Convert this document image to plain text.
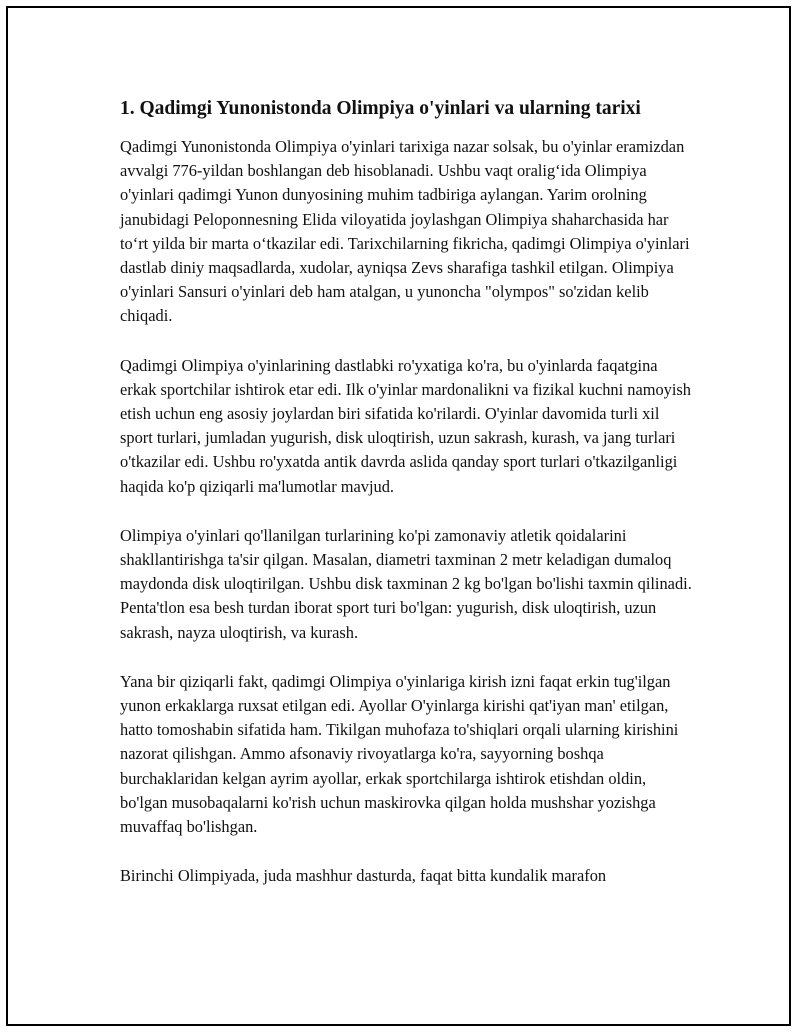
1. Qadimgi Yunonistonda Olimpiya o'yinlari va ularning tarixi

Qadimgi Yunonistonda Olimpiya o'yinlari tarixiga nazar solsak, bu o'yinlar eramizdan avvalgi 776-yildan boshlangan deb hisoblanadi. Ushbu vaqt oralig‘ida Olimpiya o'yinlari qadimgi Yunon dunyosining muhim tadbiriga aylangan. Yarim orolning janubidagi Peloponnesning Elida viloyatida joylashgan Olimpiya shaharchasida har to‘rt yilda bir marta o‘tkazilar edi. Tarixchilarning fikricha, qadimgi Olimpiya o'yinlari dastlab diniy maqsadlarda, xudolar, ayniqsa Zevs sharafiga tashkil etilgan. Olimpiya o'yinlari Sansuri o'yinlari deb ham atalgan, u yunoncha "olympos" so'zidan kelib chiqadi.

Qadimgi Olimpiya o'yinlarining dastlabki ro'yxatiga ko'ra, bu o'yinlarda faqatgina erkak sportchilar ishtirok etar edi. Ilk o'yinlar mardonalikni va fizikal kuchni namoyish etish uchun eng asosiy joylardan biri sifatida ko'rilardi. O'yinlar davomida turli xil sport turlari, jumladan yugurish, disk uloqtirish, uzun sakrash, kurash, va jang turlari o'tkazilar edi. Ushbu ro'yxatda antik davrda aslida qanday sport turlari o'tkazilganligi haqida ko'p qiziqarli ma'lumotlar mavjud.

Olimpiya o'yinlari qo'llanilgan turlarining ko'pi zamonaviy atletik qoidalarini shakllantirishga ta'sir qilgan. Masalan, diametri taxminan 2 metr keladigan dumaloq maydonda disk uloqtirilgan. Ushbu disk taxminan 2 kg bo'lgan bo'lishi taxmin qilinadi. Penta'tlon esa besh turdan iborat sport turi bo'lgan: yugurish, disk uloqtirish, uzun sakrash, nayza uloqtirish, va kurash.

Yana bir qiziqarli fakt, qadimgi Olimpiya o'yinlariga kirish izni faqat erkin tug'ilgan yunon erkaklarga ruxsat etilgan edi. Ayollar O'yinlarga kirishi qat'iyan man' etilgan, hatto tomoshabin sifatida ham. Tikilgan muhofaza to'shiqlari orqali ularning kirishini nazorat qilishgan. Ammo afsonaviy rivoyatlarga ko'ra, sayyorning boshqa burchaklaridan kelgan ayrim ayollar, erkak sportchilarga ishtirok etishdan oldin, bo'lgan musobaqalarni ko'rish uchun maskirovka qilgan holda mushshar yozishga muvaffaq bo'lishgan.

Birinchi Olimpiyada, juda mashhur dasturda, faqat bitta kundalik marafon
